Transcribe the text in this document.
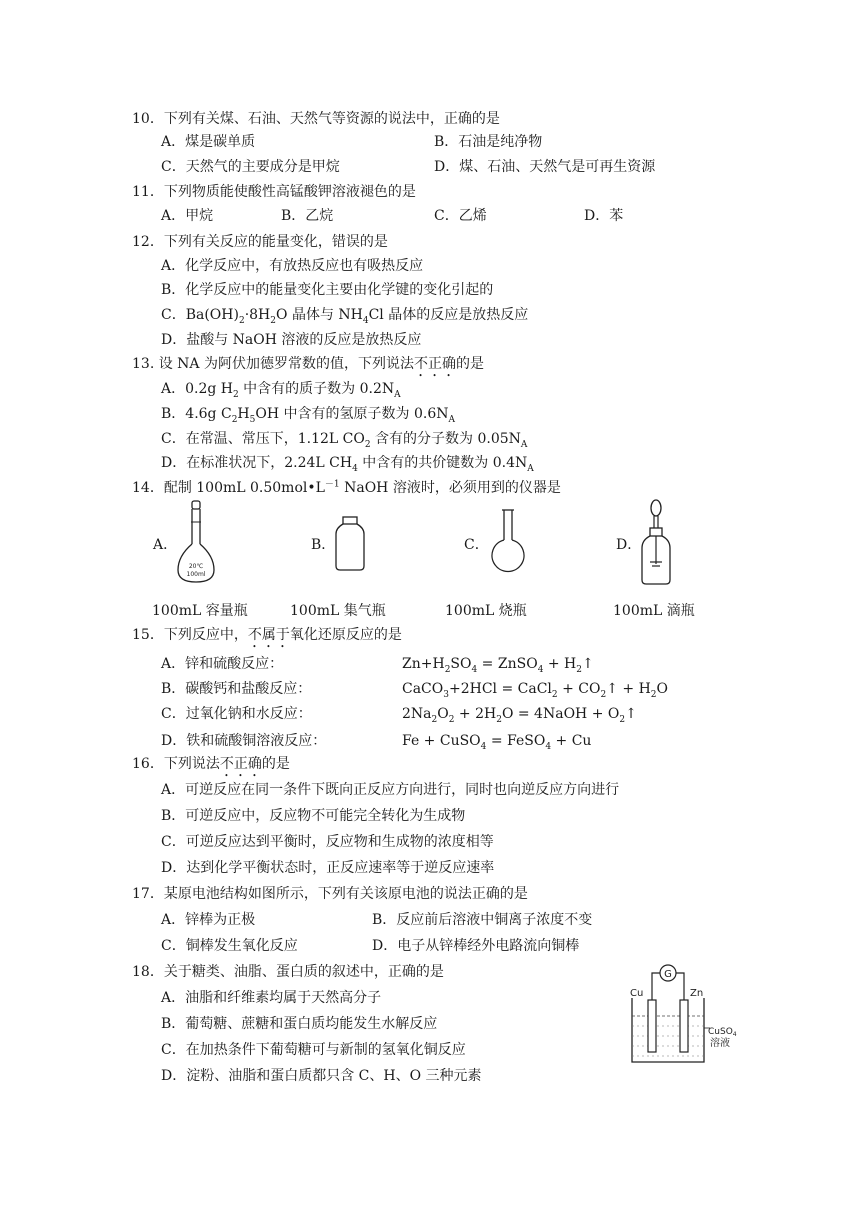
10．下列有关煤、石油、天然气等资源的说法中，正确的是
A．煤是碳单质	B．石油是纯净物
C．天然气的主要成分是甲烷	D．煤、石油、天然气是可再生资源
11．下列物质能使酸性高锰酸钾溶液褪色的是
A．甲烷	B．乙烷	C．乙烯	D．苯
12．下列有关反应的能量变化，错误的是
A．化学反应中，有放热反应也有吸热反应
B．化学反应中的能量变化主要由化学键的变化引起的
C．$Ba(OH)_2\cdot 8H_2O$ 晶体与 $NH_4Cl$ 晶体的反应是放热反应
D．盐酸与 NaOH 溶液的反应是放热反应
13. 设 NA 为阿伏加德罗常数的值，下列说法不正确的是
A．0.2g $H_2$ 中含有的质子数为 $0.2N_A$
B．4.6g $C_2H_5OH$ 中含有的氢原子数为 $0.6N_A$
C．在常温、常压下，1.12L $CO_2$ 含有的分子数为 $0.05N_A$
D．在标准状况下，2.24L $CH_4$ 中含有的共价键数为 $0.4N_A$
14．配制 100mL $0.50mol•L^{-1}$ NaOH 溶液时，必须用到的仪器是
A．
20℃
100ml
B．	C．	D．
100mL 容量瓶	100mL 集气瓶	100mL 烧瓶	100mL 滴瓶
15．下列反应中，不属于氧化还原反应的是
A．锌和硫酸反应：	$Zn+H_2SO_4$ = ZnSO$_4$ + $H_2↑$
B．碳酸钙和盐酸反应：	CaCO$_3$+2HCl = CaCl$_2$ + $CO_2↑ + H_2O$
C．过氧化钠和水反应：	$2Na_2O_2 + 2H_2O$ = 4NaOH + $O_2↑$
D．铁和硫酸铜溶液反应：	Fe + CuSO$_4$ = FeSO$_4$ + Cu
16．下列说法不正确的是
A．可逆反应在同一条件下既向正反应方向进行，同时也向逆反应方向进行
B．可逆反应中，反应物不可能完全转化为生成物
C．可逆反应达到平衡时，反应物和生成物的浓度相等
D．达到化学平衡状态时，正反应速率等于逆反应速率
17．某原电池结构如图所示，下列有关该原电池的说法正确的是
A．锌棒为正极	B．反应前后溶液中铜离子浓度不变
C．铜棒发生氧化反应	D．电子从锌棒经外电路流向铜棒
18．关于糖类、油脂、蛋白质的叙述中，正确的是
A．油脂和纤维素均属于天然高分子
B．葡萄糖、蔗糖和蛋白质均能发生水解反应
C．在加热条件下葡萄糖可与新制的氢氧化铜反应
D．淀粉、油脂和蛋白质都只含 C、H、O 三种元素
G
Cu	Zn
CuSO$_4$
溶液
